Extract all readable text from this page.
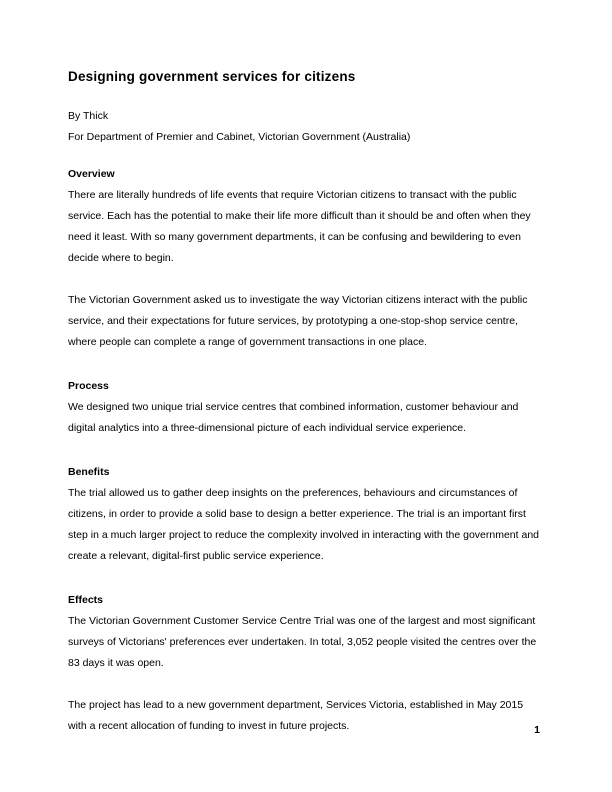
Designing government services for citizens
By Thick
For Department of Premier and Cabinet, Victorian Government (Australia)
Overview

There are literally hundreds of life events that require Victorian citizens to transact with the public service. Each has the potential to make their life more difficult than it should be and often when they need it least. With so many government departments, it can be confusing and bewildering to even decide where to begin.

The Victorian Government asked us to investigate the way Victorian citizens interact with the public service, and their expectations for future services, by prototyping a one-stop-shop service centre, where people can complete a range of government transactions in one place.

Process

We designed two unique trial service centres that combined information, customer behaviour and digital analytics into a three-dimensional picture of each individual service experience.

Benefits

The trial allowed us to gather deep insights on the preferences, behaviours and circumstances of citizens, in order to provide a solid base to design a better experience. The trial is an important first step in a much larger project to reduce the complexity involved in interacting with the government and create a relevant, digital-first public service experience.

Effects

The Victorian Government Customer Service Centre Trial was one of the largest and most significant surveys of Victorians' preferences ever undertaken. In total, 3,052 people visited the centres over the 83 days it was open.

The project has lead to a new government department, Services Victoria, established in May 2015 with a recent allocation of funding to invest in future projects.	1
